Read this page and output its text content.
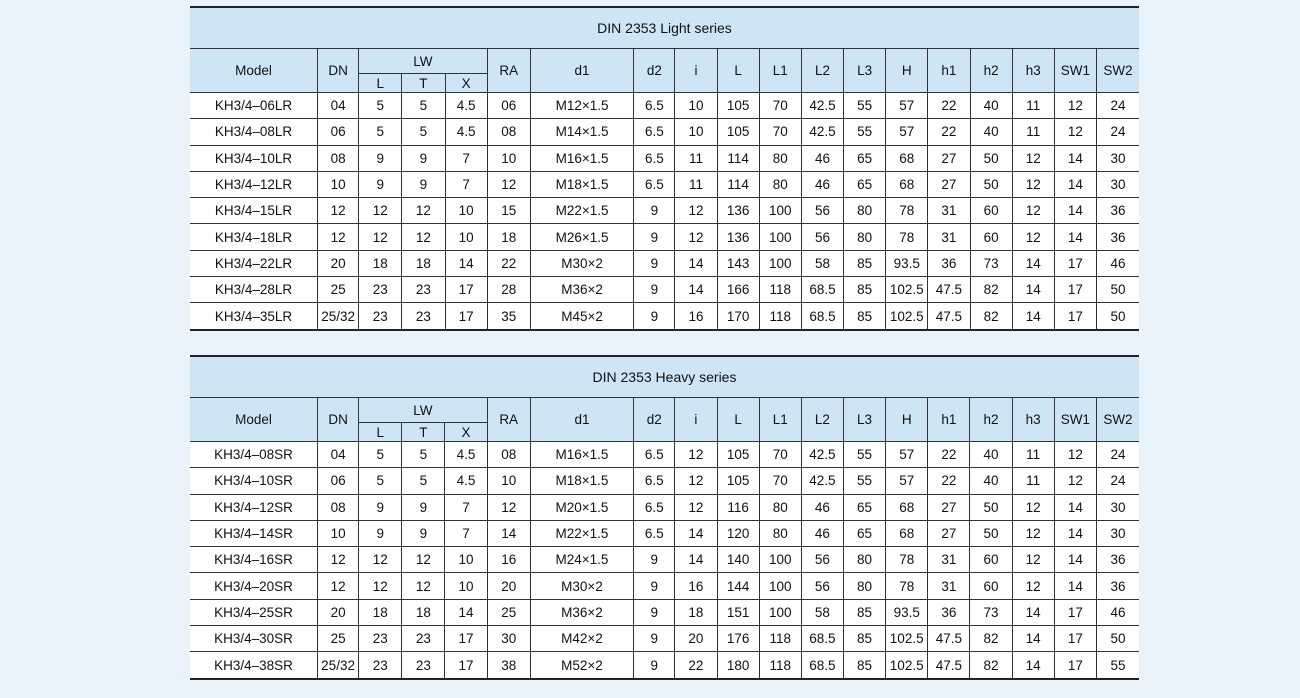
DIN 2353 Light series																		
Model	DN	LW			RA	d1	d2	i	L	L1	L2	L3	H	h1	h2	h3	SW1	SW2
		L	T	X														
KH3/4–06LR	04	5	5	4.5	06	M12×1.5	6.5	10	105	70	42.5	55	57	22	40	11	12	24
KH3/4–08LR	06	5	5	4.5	08	M14×1.5	6.5	10	105	70	42.5	55	57	22	40	11	12	24
KH3/4–10LR	08	9	9	7	10	M16×1.5	6.5	11	114	80	46	65	68	27	50	12	14	30
KH3/4–12LR	10	9	9	7	12	M18×1.5	6.5	11	114	80	46	65	68	27	50	12	14	30
KH3/4–15LR	12	12	12	10	15	M22×1.5	9	12	136	100	56	80	78	31	60	12	14	36
KH3/4–18LR	12	12	12	10	18	M26×1.5	9	12	136	100	56	80	78	31	60	12	14	36
KH3/4–22LR	20	18	18	14	22	M30×2	9	14	143	100	58	85	93.5	36	73	14	17	46
KH3/4–28LR	25	23	23	17	28	M36×2	9	14	166	118	68.5	85	102.5	47.5	82	14	17	50
KH3/4–35LR	25/32	23	23	17	35	M45×2	9	16	170	118	68.5	85	102.5	47.5	82	14	17	50
DIN 2353 Heavy series																		
Model	DN	LW			RA	d1	d2	i	L	L1	L2	L3	H	h1	h2	h3	SW1	SW2
		L	T	X														
KH3/4–08SR	04	5	5	4.5	08	M16×1.5	6.5	12	105	70	42.5	55	57	22	40	11	12	24
KH3/4–10SR	06	5	5	4.5	10	M18×1.5	6.5	12	105	70	42.5	55	57	22	40	11	12	24
KH3/4–12SR	08	9	9	7	12	M20×1.5	6.5	12	116	80	46	65	68	27	50	12	14	30
KH3/4–14SR	10	9	9	7	14	M22×1.5	6.5	14	120	80	46	65	68	27	50	12	14	30
KH3/4–16SR	12	12	12	10	16	M24×1.5	9	14	140	100	56	80	78	31	60	12	14	36
KH3/4–20SR	12	12	12	10	20	M30×2	9	16	144	100	56	80	78	31	60	12	14	36
KH3/4–25SR	20	18	18	14	25	M36×2	9	18	151	100	58	85	93.5	36	73	14	17	46
KH3/4–30SR	25	23	23	17	30	M42×2	9	20	176	118	68.5	85	102.5	47.5	82	14	17	50
KH3/4–38SR	25/32	23	23	17	38	M52×2	9	22	180	118	68.5	85	102.5	47.5	82	14	17	55
